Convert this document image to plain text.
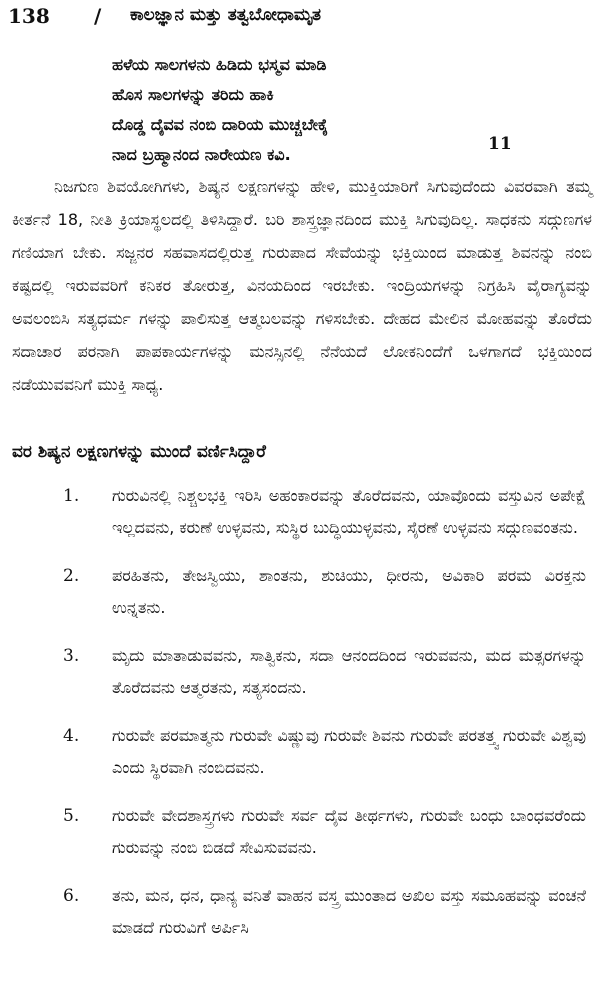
138 / ಕಾಲಜ್ಞಾನ ಮತ್ತು ತತ್ವಬೋಧಾಮೃತ
ಹಳೆಯ ಸಾಲಗಳನು ಹಿಡಿದು ಭಸ್ಮವ ಮಾಡಿ
ಹೊಸ ಸಾಲಗಳನ್ನು ತರಿದು ಹಾಕಿ
ದೊಡ್ಡ ದೈವವ ನಂಬಿ ದಾರಿಯ ಮುಚ್ಚಬೇಕೈ
ನಾದ ಬ್ರಹ್ಮಾನಂದ ನಾರೇಯಣ ಕವಿ.
11

ನಿಜಗುಣ ಶಿವಯೋಗಿಗಳು, ಶಿಷ್ಯನ ಲಕ್ಷಣಗಳನ್ನು ಹೇಳಿ, ಮುಕ್ತಿಯಾರಿಗೆ ಸಿಗುವುದೆಂದು ವಿವರವಾಗಿ ತಮ್ಮ ಕೀರ್ತನೆ 18, ನೀತಿ ಕ್ರಿಯಾಸ್ಥಲದಲ್ಲಿ ತಿಳಿಸಿದ್ದಾರೆ. ಬರಿ ಶಾಸ್ತ್ರಜ್ಞಾನದಿಂದ ಮುಕ್ತಿ ಸಿಗುವುದಿಲ್ಲ. ಸಾಧಕನು ಸದ್ಗುಣಗಳ ಗಣಿಯಾಗ ಬೇಕು. ಸಜ್ಜನರ ಸಹವಾಸದಲ್ಲಿರುತ್ತ ಗುರುಪಾದ ಸೇವೆಯನ್ನು ಭಕ್ತಿಯಿಂದ ಮಾಡುತ್ತ ಶಿವನನ್ನು ನಂಬಿ ಕಷ್ಟದಲ್ಲಿ ಇರುವವರಿಗೆ ಕನಿಕರ ತೋರುತ್ತ, ವಿನಯದಿಂದ ಇರಬೇಕು. ಇಂದ್ರಿಯಗಳನ್ನು ನಿಗ್ರಹಿಸಿ ವೈರಾಗ್ಯವನ್ನು ಅವಲಂಬಿಸಿ ಸತ್ಯಧರ್ಮ ಗಳನ್ನು ಪಾಲಿಸುತ್ತ ಆತ್ಮಬಲವನ್ನು ಗಳಿಸಬೇಕು. ದೇಹದ ಮೇಲಿನ ಮೋಹವನ್ನು ತೊರೆದು ಸದಾಚಾರ ಪರನಾಗಿ ಪಾಪಕಾರ್ಯಗಳನ್ನು ಮನಸ್ಸಿನಲ್ಲಿ ನೆನೆಯದೆ ಲೋಕನಿಂದೆಗೆ ಒಳಗಾಗದೆ ಭಕ್ತಿಯಿಂದ ನಡೆಯುವವನಿಗೆ ಮುಕ್ತಿ ಸಾಧ್ಯ.

ವರ ಶಿಷ್ಯನ ಲಕ್ಷಣಗಳನ್ನು ಮುಂದೆ ವರ್ಣಿಸಿದ್ದಾರೆ
1. ಗುರುವಿನಲ್ಲಿ ನಿಶ್ಚಲಭಕ್ತಿ ಇರಿಸಿ ಅಹಂಕಾರವನ್ನು ತೊರೆದವನು, ಯಾವೊಂದು ವಸ್ತುವಿನ ಅಪೇಕ್ಷೆ ಇಲ್ಲದವನು, ಕರುಣೆ ಉಳ್ಳವನು, ಸುಸ್ಥಿರ ಬುದ್ಧಿಯುಳ್ಳವನು, ಸೈರಣೆ ಉಳ್ಳವನು ಸದ್ಗುಣವಂತನು.
2. ಪರಹಿತನು, ತೇಜಸ್ವಿಯು, ಶಾಂತನು, ಶುಚಿಯು, ಧೀರನು, ಅವಿಕಾರಿ ಪರಮ ವಿರಕ್ತನು ಉನ್ನತನು.
3. ಮೃದು ಮಾತಾಡುವವನು, ಸಾತ್ವಿಕನು, ಸದಾ ಆನಂದದಿಂದ ಇರುವವನು, ಮದ ಮತ್ಸರಗಳನ್ನು ತೊರೆದವನು ಆತ್ಮರತನು, ಸತ್ಯಸಂದನು.
4. ಗುರುವೇ ಪರಮಾತ್ಮನು ಗುರುವೇ ವಿಷ್ಣುವು ಗುರುವೇ ಶಿವನು ಗುರುವೇ ಪರತತ್ತ್ವ ಗುರುವೇ ವಿಶ್ವವು ಎಂದು ಸ್ಥಿರವಾಗಿ ನಂಬಿದವನು.
5. ಗುರುವೇ ವೇದಶಾಸ್ತ್ರಗಳು ಗುರುವೇ ಸರ್ವ ದೈವ ತೀರ್ಥಗಳು, ಗುರುವೇ ಬಂಧು ಬಾಂಧವರೆಂದು ಗುರುವನ್ನು ನಂಬಿ ಬಿಡದೆ ಸೇವಿಸುವವನು.
6. ತನು, ಮನ, ಧನ, ಧಾನ್ಯ ವನಿತೆ ವಾಹನ ವಸ್ತ್ರ ಮುಂತಾದ ಅಖಿಲ ವಸ್ತು ಸಮೂಹವನ್ನು ವಂಚನೆ ಮಾಡದೆ ಗುರುವಿಗೆ ಅರ್ಪಿಸಿ
